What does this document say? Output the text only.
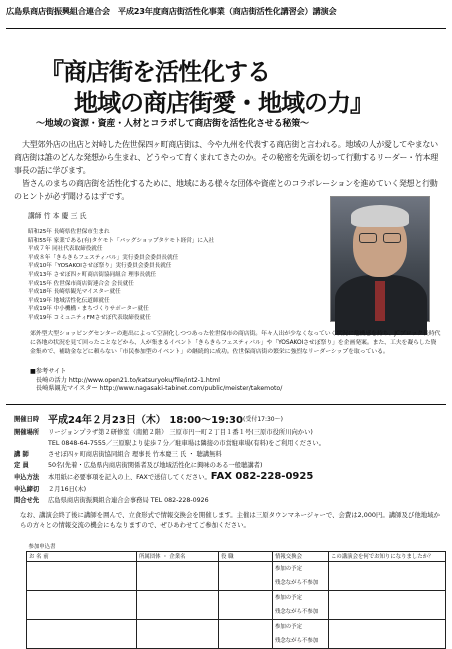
広島県商店街振興組合連合会　平成23年度商店街活性化事業（商店街活性化講習会）講演会
『商店街を活性化する
地域の商店街愛・地域の力』
～地域の資源・資産・人材とコラボして商店街を活性化させる秘策～

大型郊外店の出店と対峙した佐世保四ヶ町商店街は、今や九州を代表する商店街と言われる。地域の人が愛してやまない商店街は誰のどんな発想から生まれ、どうやって育くまれてきたのか。その秘密を先頭を切って行動するリーダー・竹本理事長の話に学びます。

皆さんのまちの商店街を活性化するために、地域にある様々な団体や資産とのコラボレーションを進めていく発想と行動のヒントが必ず聞けるはずです。

講師 竹 本 慶 三 氏
昭和25年 長崎県佐世保市生まれ
昭和55年 家業である(有)タケモト「バッグショップタケモト経営」に入社
平成７年 同社代表取締役就任
平成８年「きらきらフェスティバル」実行委員会委員長就任
平成10年「YOSAKOIさせぼ祭り」実行委員会委員長就任
平成13年 させぼ四ヶ町商店街協同組合 理事長就任
平成15年 佐世保市商店街連合会 会長就任
平成18年 長崎県観光マイスター就任
平成19年 地域活性化伝道師就任
平成19年 中小機構・まちづくりサポーター就任
平成19年 コミュニティFMさせぼ代表取締役就任
郊外型大型ショッピングセンターの進出によって空洞化しつつあった佐世保市の商店街。年々人出が少なくなっていく状況に危機感を持ち、JCブロック長時代に各地の状況を見て回ったことなどから、人が集まるイベント「きらきらフェスティバル」や「YOSAKOIさせぼ祭り」を企画発案。また、工夫を凝らした資金集めで、補助金などに頼らない「市民参加型のイベント」の継続的に成功。佐世保商店街の繁栄に強烈なリーダーシップを取っている。
■参考サイト
長崎の活力 http://www.open21.to/katsuryoku/file/int2-1.html
長崎県観光マイスター http://www.nagasaki-tabinet.com/public/meister/takemoto/
開催日時 平成24年２月23日（木） 18:00～19:30 (受付17:30～)
開催場所	リージョンプラザ第２研修室（南館２階） 三原市円一町２丁目１番１号(三原市役所川向かい)
TEL 0848-64-7555／三原駅より徒歩７分／駐車場は隣接の市営駐車場(有料)をご利用ください。
講 師	させぼ四ヶ町商店街協同組合 理事長 竹本慶三 氏 ・ 聴講無料
定 員	50名(先着・広島県内商店街関係者及び地域活性化に興味のある一般聴講者)
申込方法	本用紙に必要事項を記入の上、FAXで送信してください。 FAX 082-228-0925
申込締切	２月16日(木)
問合せ先	広島県商店街振興組合連合会事務局 TEL 082-228-0926
なお、講演会終了後に講師を囲んで、立食形式で情報交換会を開催します。主催は三原タウンマネージャーで、会費は2,000円。講師及び他地域からの方々との情報交流の機会にもなりますので、ぜひあわせてご参加ください。
参加申込書				
お 名 前	所属団体 ・ 企業名	役 職	情報交換会	この講演会を何でお知りになりましたか？

			参加の予定
残念ながら不参加	

			参加の予定
残念ながら不参加	

			参加の予定
残念ながら不参加	
